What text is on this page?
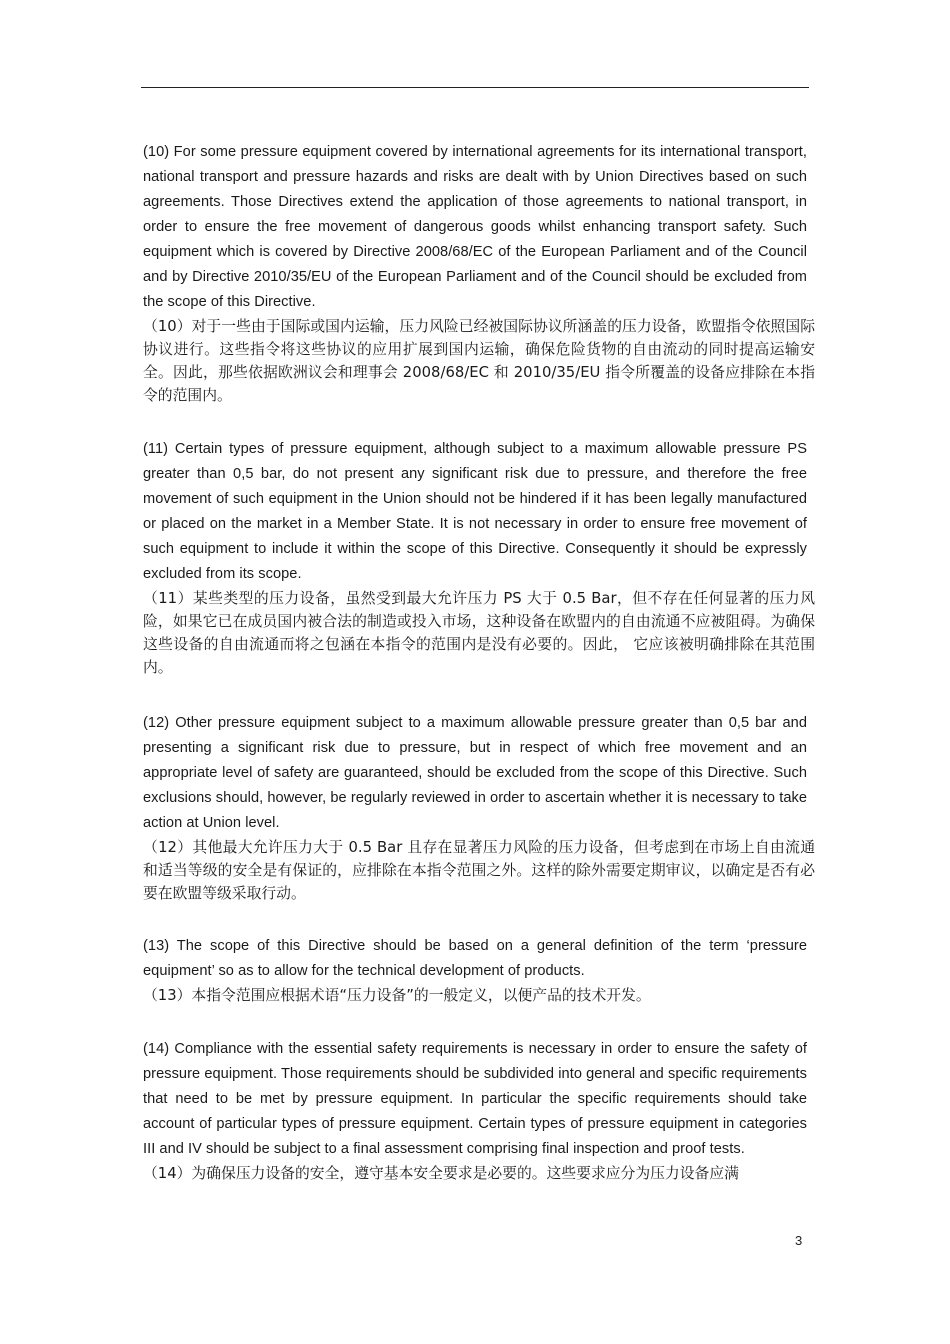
(10) For some pressure equipment covered by international agreements for its international transport, national transport and pressure hazards and risks are dealt with by Union Directives based on such agreements. Those Directives extend the application of those agreements to national transport, in order to ensure the free movement of dangerous goods whilst enhancing transport safety. Such equipment which is covered by Directive 2008/68/EC of the European Parliament and of the Council and by Directive 2010/35/EU of the European Parliament and of the Council should be excluded from the scope of this Directive.

（10）对于一些由于国际或国内运输，压力风险已经被国际协议所涵盖的压力设备，欧盟指令依照国际协议进行。这些指令将这些协议的应用扩展到国内运输，确保危险货物的自由流动的同时提高运输安全。因此，那些依据欧洲议会和理事会 2008/68/EC 和 2010/35/EU 指令所覆盖的设备应排除在本指令的范围内。

(11) Certain types of pressure equipment, although subject to a maximum allowable pressure PS greater than 0,5 bar, do not present any significant risk due to pressure, and therefore the free movement of such equipment in the Union should not be hindered if it has been legally manufactured or placed on the market in a Member State. It is not necessary in order to ensure free movement of such equipment to include it within the scope of this Directive. Consequently it should be expressly excluded from its scope.

（11）某些类型的压力设备，虽然受到最大允许压力 PS 大于 0.5 Bar，但不存在任何显著的压力风险，如果它已在成员国内被合法的制造或投入市场，这种设备在欧盟内的自由流通不应被阻碍。为确保这些设备的自由流通而将之包涵在本指令的范围内是没有必要的。因此， 它应该被明确排除在其范围内。

(12) Other pressure equipment subject to a maximum allowable pressure greater than 0,5 bar and presenting a significant risk due to pressure, but in respect of which free movement and an appropriate level of safety are guaranteed, should be excluded from the scope of this Directive. Such exclusions should, however, be regularly reviewed in order to ascertain whether it is necessary to take action at Union level.

（12）其他最大允许压力大于 0.5 Bar 且存在显著压力风险的压力设备，但考虑到在市场上自由流通和适当等级的安全是有保证的，应排除在本指令范围之外。这样的除外需要定期审议，以确定是否有必要在欧盟等级采取行动。

(13) The scope of this Directive should be based on a general definition of the term ‘pressure equipment’ so as to allow for the technical development of products.

（13）本指令范围应根据术语“压力设备”的一般定义，以便产品的技术开发。

(14) Compliance with the essential safety requirements is necessary in order to ensure the safety of pressure equipment. Those requirements should be subdivided into general and specific requirements that need to be met by pressure equipment. In particular the specific requirements should take account of particular types of pressure equipment. Certain types of pressure equipment in categories III and IV should be subject to a final assessment comprising final inspection and proof tests.

（14）为确保压力设备的安全，遵守基本安全要求是必要的。这些要求应分为压力设备应满

3
